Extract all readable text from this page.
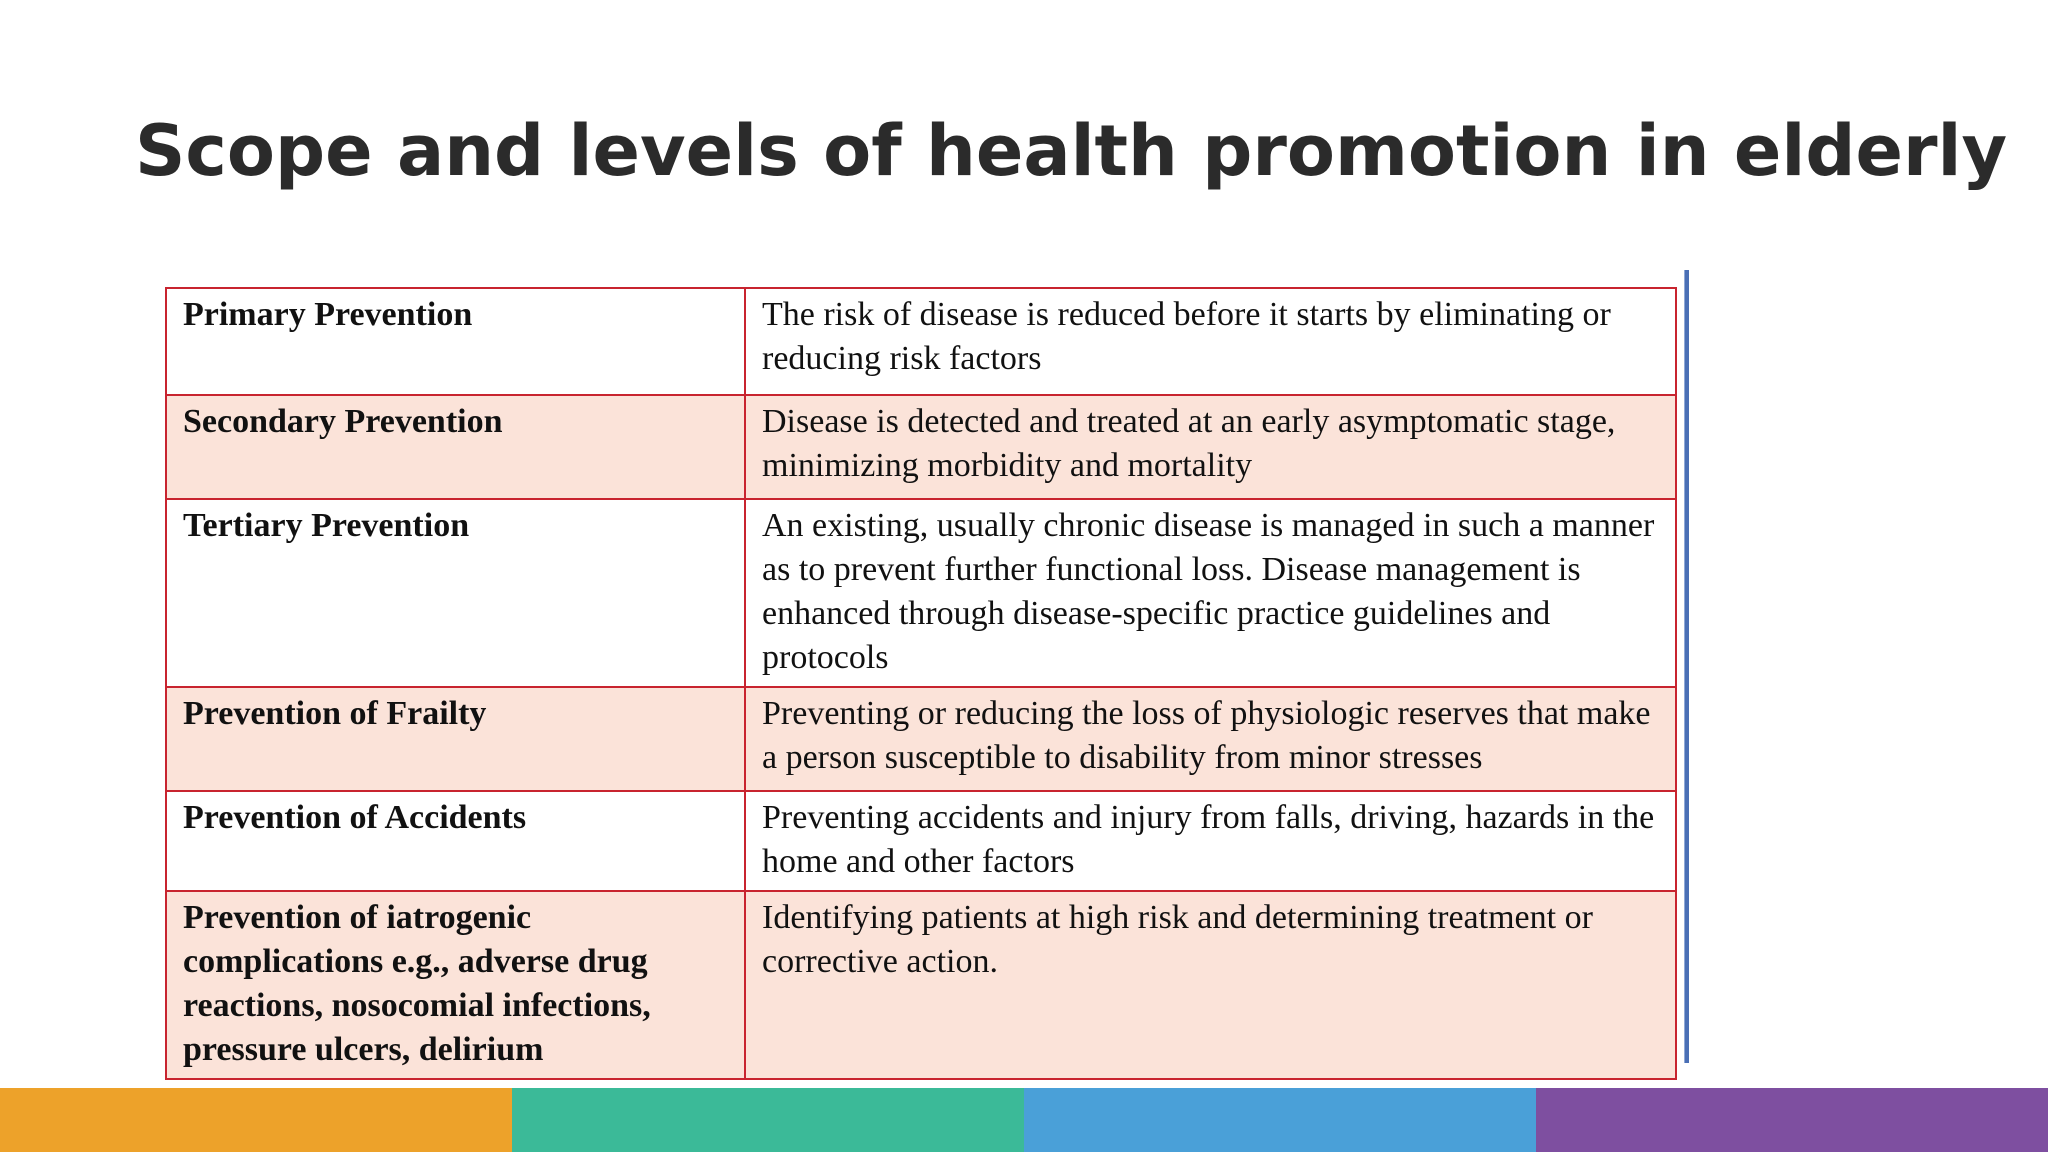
Scope and levels of health promotion in elderly
Primary Prevention	The risk of disease is reduced before it starts by eliminating or reducing risk factors
Secondary Prevention	Disease is detected and treated at an early asymptomatic stage, minimizing morbidity and mortality
Tertiary Prevention	An existing, usually chronic disease is managed in such a manner as to prevent further functional loss. Disease management is enhanced through disease-specific practice guidelines and protocols
Prevention of Frailty	Preventing or reducing the loss of physiologic reserves that make a person susceptible to disability from minor stresses
Prevention of Accidents	Preventing accidents and injury from falls, driving, hazards in the home and other factors
Prevention of iatrogenic complications e.g., adverse drug reactions, nosocomial infections, pressure ulcers, delirium	Identifying patients at high risk and determining treatment or corrective action.
